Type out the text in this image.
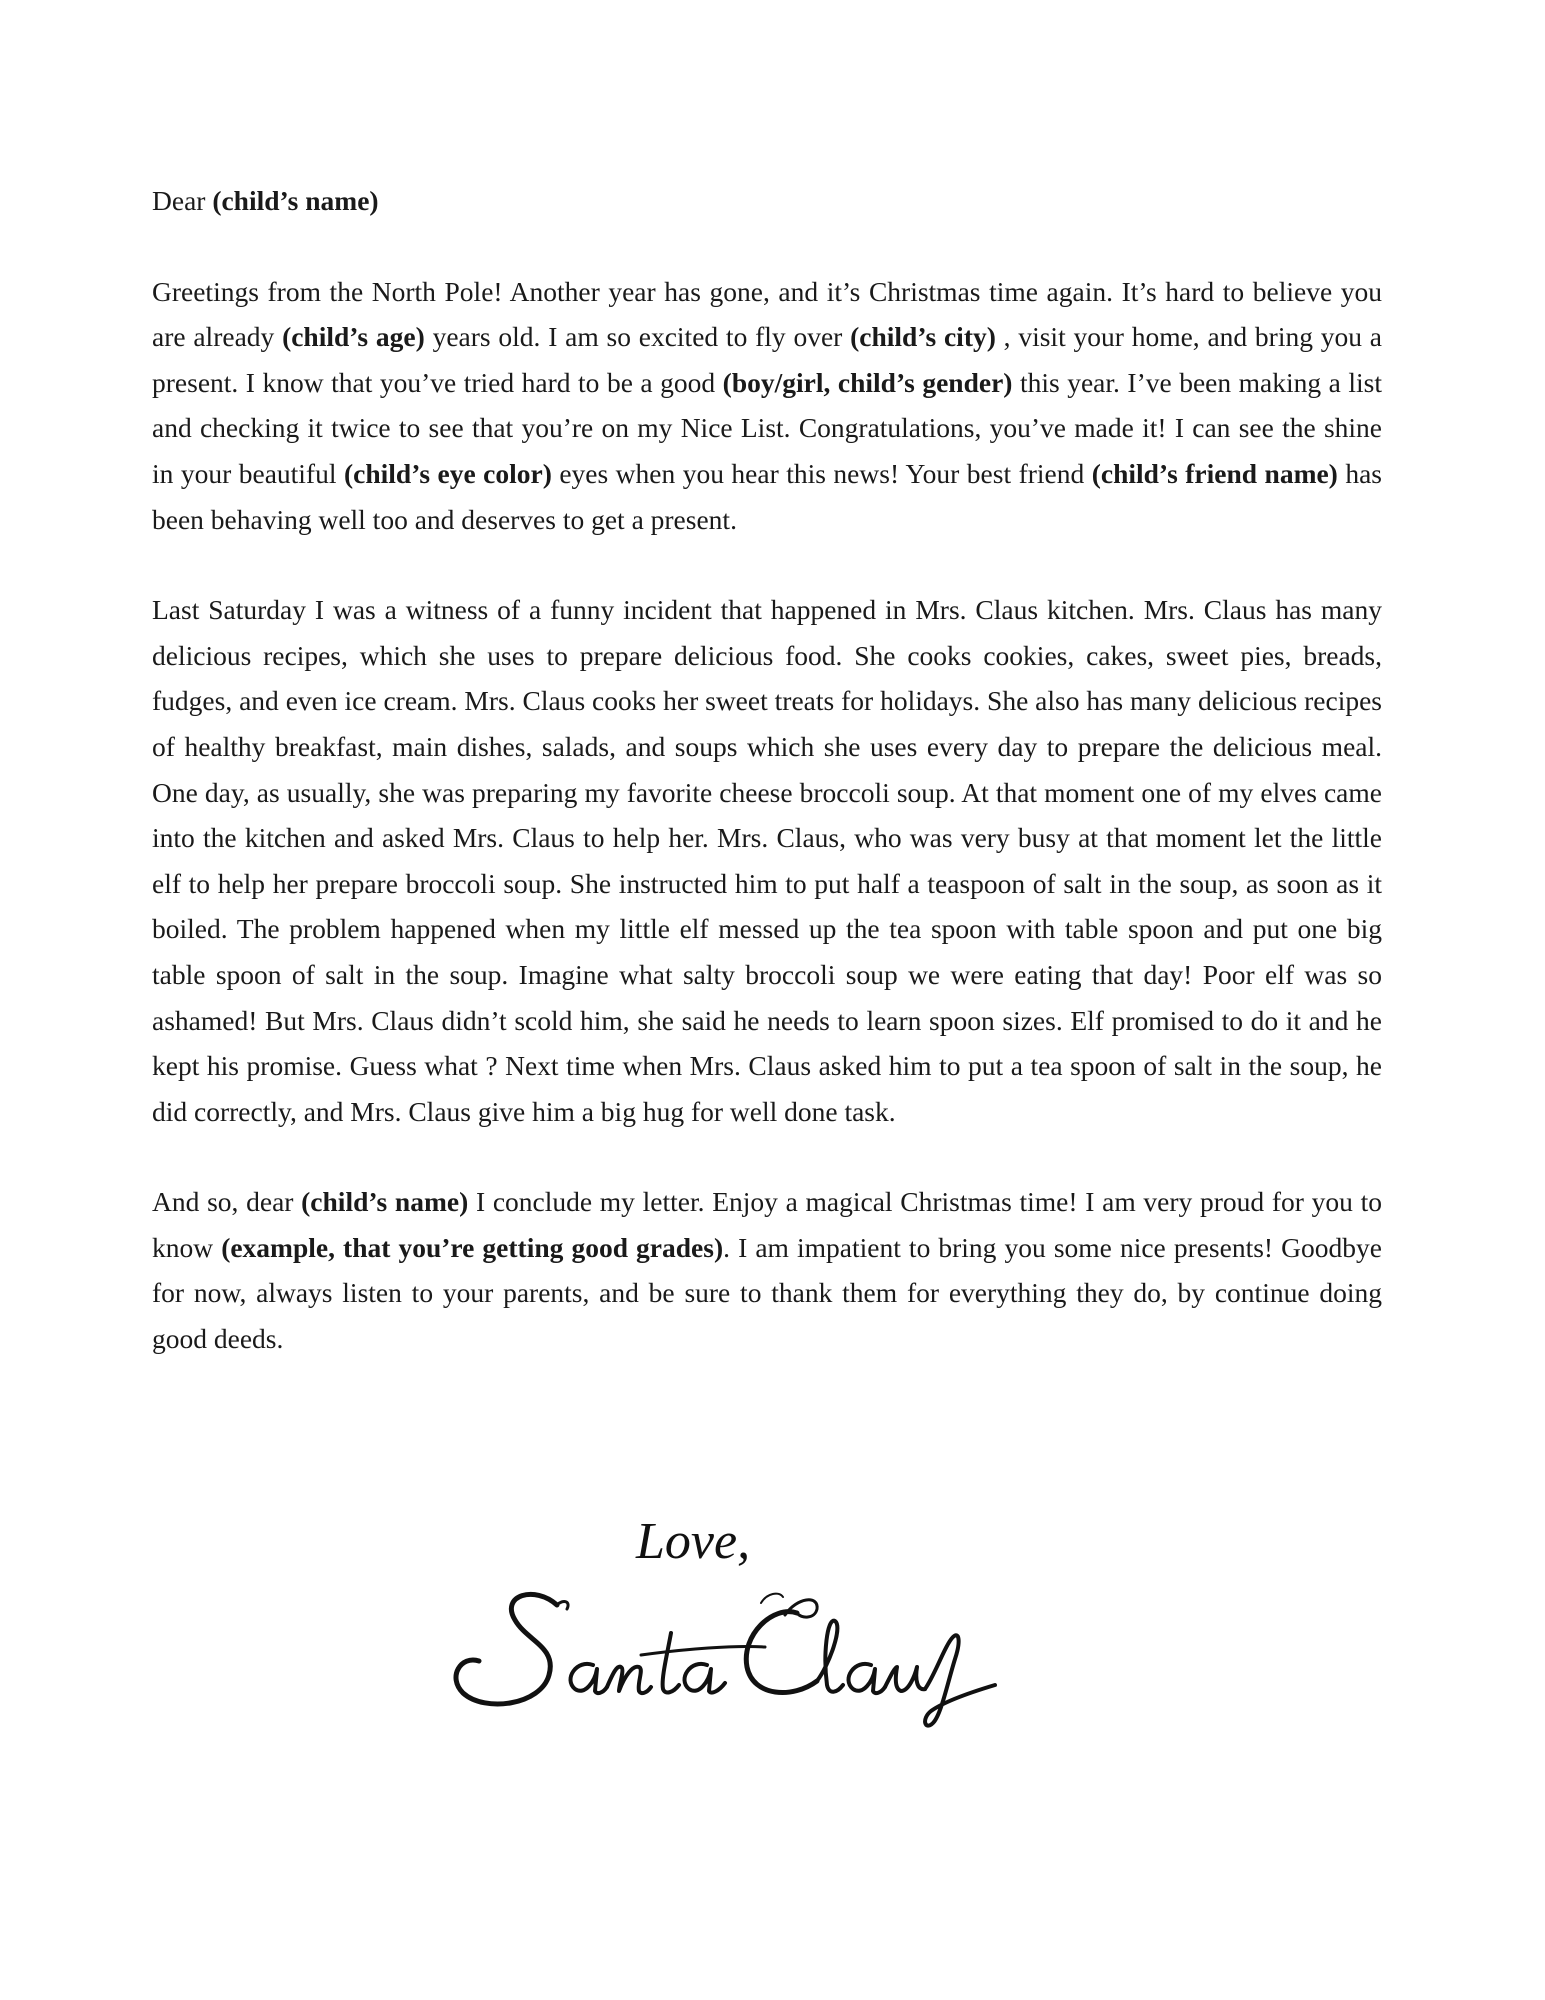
Dear (child’s name)

Greetings from the North Pole! Another year has gone, and it’s Christmas time again. It’s hard to believe you are already (child’s age) years old. I am so excited to fly over (child’s city) , visit your home, and bring you a present. I know that you’ve tried hard to be a good (boy/girl, child’s gender) this year. I’ve been making a list and checking it twice to see that you’re on my Nice List. Congratulations, you’ve made it! I can see the shine in your beautiful (child’s eye color) eyes when you hear this news! Your best friend (child’s friend name) has been behaving well too and deserves to get a present.

Last Saturday I was a witness of a funny incident that happened in Mrs. Claus kitchen. Mrs. Claus has many delicious recipes, which she uses to prepare delicious food. She cooks cookies, cakes, sweet pies, breads, fudges, and even ice cream. Mrs. Claus cooks her sweet treats for holidays. She also has many delicious recipes of healthy breakfast, main dishes, salads, and soups which she uses every day to prepare the delicious meal. One day, as usually, she was preparing my favorite cheese broccoli soup. At that moment one of my elves came into the kitchen and asked Mrs. Claus to help her. Mrs. Claus, who was very busy at that moment let the little elf to help her prepare broccoli soup. She instructed him to put half a teaspoon of salt in the soup, as soon as it boiled. The problem happened when my little elf messed up the tea spoon with table spoon and put one big table spoon of salt in the soup. Imagine what salty broccoli soup we were eating that day! Poor elf was so ashamed! But Mrs. Claus didn’t scold him, she said he needs to learn spoon sizes. Elf promised to do it and he kept his promise. Guess what ? Next time when Mrs. Claus asked him to put a tea spoon of salt in the soup, he did correctly, and Mrs. Claus give him a big hug for well done task.

And so, dear (child’s name) I conclude my letter. Enjoy a magical Christmas time! I am very proud for you to know (example, that you’re getting good grades). I am impatient to bring you some nice presents! Goodbye for now, always listen to your parents, and be sure to thank them for everything they do, by continue doing good deeds.

Love,
